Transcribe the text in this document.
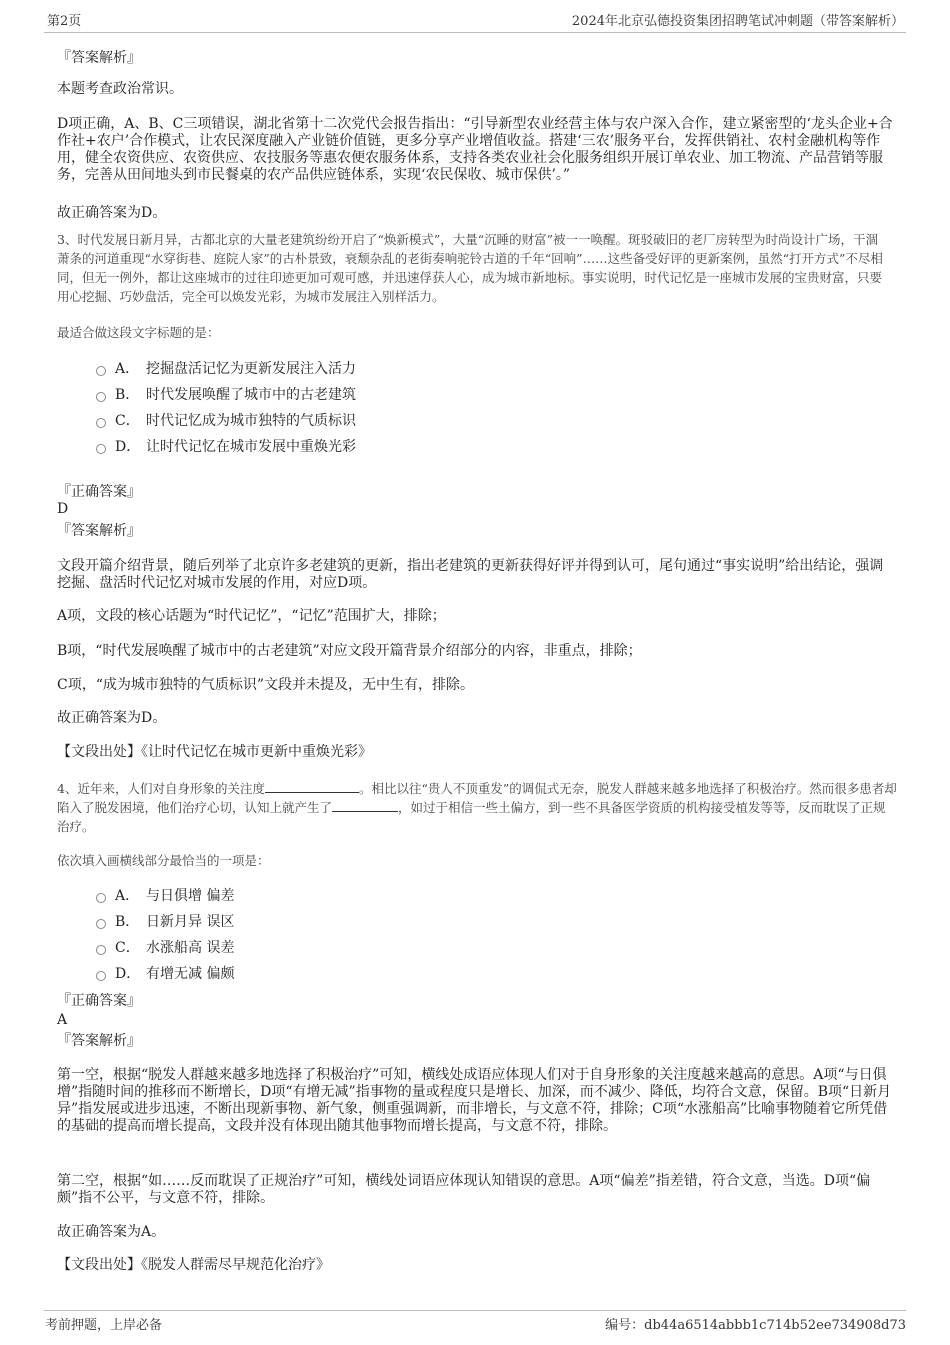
第2页	2024年北京弘德投资集团招聘笔试冲刺题（带答案解析）
『答案解析』
本题考查政治常识。
D项正确，A、B、C三项错误，湖北省第十二次党代会报告指出：“引导新型农业经营主体与农户深入合作，建立紧密型的‘龙头企业+合作社+农户’合作模式，让农民深度融入产业链价值链，更多分享产业增值收益。搭建‘三农’服务平台，发挥供销社、农村金融机构等作用，健全农资供应、农资供应、农技服务等惠农便农服务体系，支持各类农业社会化服务组织开展订单农业、加工物流、产品营销等服务，完善从田间地头到市民餐桌的农产品供应链体系，实现‘农民保收、城市保供’。”
故正确答案为D。
3、时代发展日新月异，古都北京的大量老建筑纷纷开启了“焕新模式”，大量“沉睡的财富”被一一唤醒。斑驳破旧的老厂房转型为时尚设计广场，干涸萧条的河道重现“水穿街巷、庭院人家”的古朴景致，衰颓杂乱的老街奏响驼铃古道的千年“回响”……这些备受好评的更新案例，虽然“打开方式”不尽相同，但无一例外，都让这座城市的过往印迹更加可观可感，并迅速俘获人心，成为城市新地标。事实说明，时代记忆是一座城市发展的宝贵财富，只要用心挖掘、巧妙盘活，完全可以焕发光彩，为城市发展注入别样活力。
最适合做这段文字标题的是：
A． 挖掘盘活记忆为更新发展注入活力
B． 时代发展唤醒了城市中的古老建筑
C． 时代记忆成为城市独特的气质标识
D． 让时代记忆在城市发展中重焕光彩
『正确答案』
D
『答案解析』
文段开篇介绍背景，随后列举了北京许多老建筑的更新，指出老建筑的更新获得好评并得到认可，尾句通过“事实说明”给出结论，强调挖掘、盘活时代记忆对城市发展的作用，对应D项。
A项，文段的核心话题为“时代记忆”，“记忆”范围扩大，排除；
B项，“时代发展唤醒了城市中的古老建筑”对应文段开篇背景介绍部分的内容，非重点，排除；
C项，“成为城市独特的气质标识”文段并未提及，无中生有，排除。
故正确答案为D。
【文段出处】《让时代记忆在城市更新中重焕光彩》
4、近年来，人们对自身形象的关注度	。相比以往“贵人不顶重发”的调侃式无奈，脱发人群越来越多地选择了积极治疗。然而很多患者却陷入了脱发困境，他们治疗心切，认知上就产生了	，如过于相信一些土偏方，到一些不具备医学资质的机构接受植发等等，反而耽误了正规治疗。
依次填入画横线部分最恰当的一项是：
A． 与日俱增 偏差
B． 日新月异 误区
C． 水涨船高 误差
D． 有增无减 偏颇
『正确答案』
A
『答案解析』
第一空，根据“脱发人群越来越多地选择了积极治疗”可知，横线处成语应体现人们对于自身形象的关注度越来越高的意思。A项“与日俱增”指随时间的推移而不断增长，D项“有增无减”指事物的量或程度只是增长、加深，而不减少、降低，均符合文意，保留。B项“日新月异”指发展或进步迅速，不断出现新事物、新气象，侧重强调新，而非增长，与文意不符，排除；C项“水涨船高”比喻事物随着它所凭借的基础的提高而增长提高，文段并没有体现出随其他事物而增长提高，与文意不符，排除。
第二空，根据“如……反而耽误了正规治疗”可知，横线处词语应体现认知错误的意思。A项“偏差”指差错，符合文意，当选。D项“偏颇”指不公平，与文意不符，排除。
故正确答案为A。
【文段出处】《脱发人群需尽早规范化治疗》
考前押题，上岸必备	编号：db44a6514abbb1c714b52ee734908d73
